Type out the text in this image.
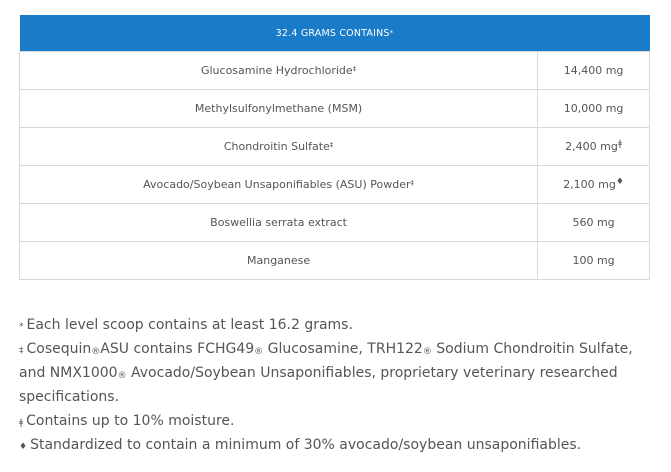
32.4 GRAMS CONTAINS*
Glucosamine Hydrochloride‡	14,400 mg
Methylsulfonylmethane (MSM)	10,000 mg
Chondroitin Sulfate‡	2,400 $mg^ǂ$
Avocado/Soybean Unsaponifiables (ASU) Powder‡	2,100 mg♦
Boswellia serrata extract	560 mg
Manganese	100 mg

* Each level scoop contains at least 16.2 grams.

‡ Cosequin®ASU contains FCHG49® Glucosamine, TRH122® Sodium Chondroitin Sulfate, and NMX1000® Avocado/Soybean Unsaponifiables, proprietary veterinary researched specifications.

$^ǂ$ Contains up to 10% moisture.

♦ Standardized to contain a minimum of 30% avocado/soybean unsaponifiables.
